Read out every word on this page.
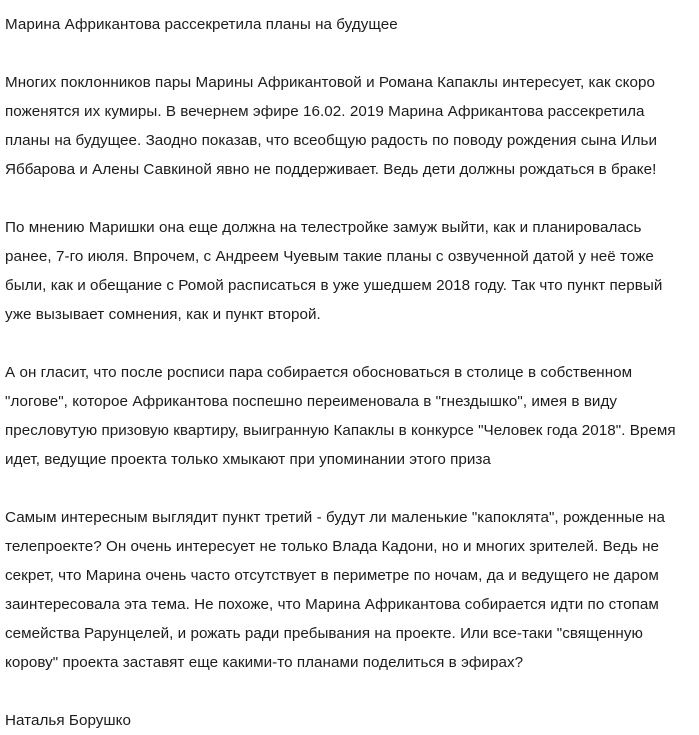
Марина Африкантова рассекретила планы на будущее

Многих поклонников пары Марины Африкантовой и Романа Капаклы интересует, как скоро поженятся их кумиры. В вечернем эфире 16.02. 2019 Марина Африкантова рассекретила планы на будущее. Заодно показав, что всеобщую радость по поводу рождения сына Ильи Яббарова и Алены Савкиной явно не поддерживает. Ведь дети должны рождаться в браке!

По мнению Маришки она еще должна на телестройке замуж выйти, как и планировалась ранее, 7-го июля. Впрочем, с Андреем Чуевым такие планы с озвученной датой у неё тоже были, как и обещание с Ромой расписаться в уже ушедшем 2018 году. Так что пункт первый уже вызывает сомнения, как и пункт второй.

А он гласит, что после росписи пара собирается обосноваться в столице в собственном "логове", которое Африкантова поспешно переименовала в "гнездышко", имея в виду пресловутую призовую квартиру, выигранную Капаклы в конкурсе "Человек года 2018". Время идет, ведущие проекта только хмыкают при упоминании этого приза

Самым интересным выглядит пункт третий - будут ли маленькие "капоклята", рожденные на телепроекте? Он очень интересует не только Влада Кадони, но и многих зрителей. Ведь не секрет, что Марина очень часто отсутствует в периметре по ночам, да и ведущего не даром заинтересовала эта тема. Не похоже, что Марина Африкантова собирается идти по стопам семейства Рарунцелей, и рожать ради пребывания на проекте. Или все-таки "священную корову" проекта заставят еще какими-то планами поделиться в эфирах?

Наталья Борушко
